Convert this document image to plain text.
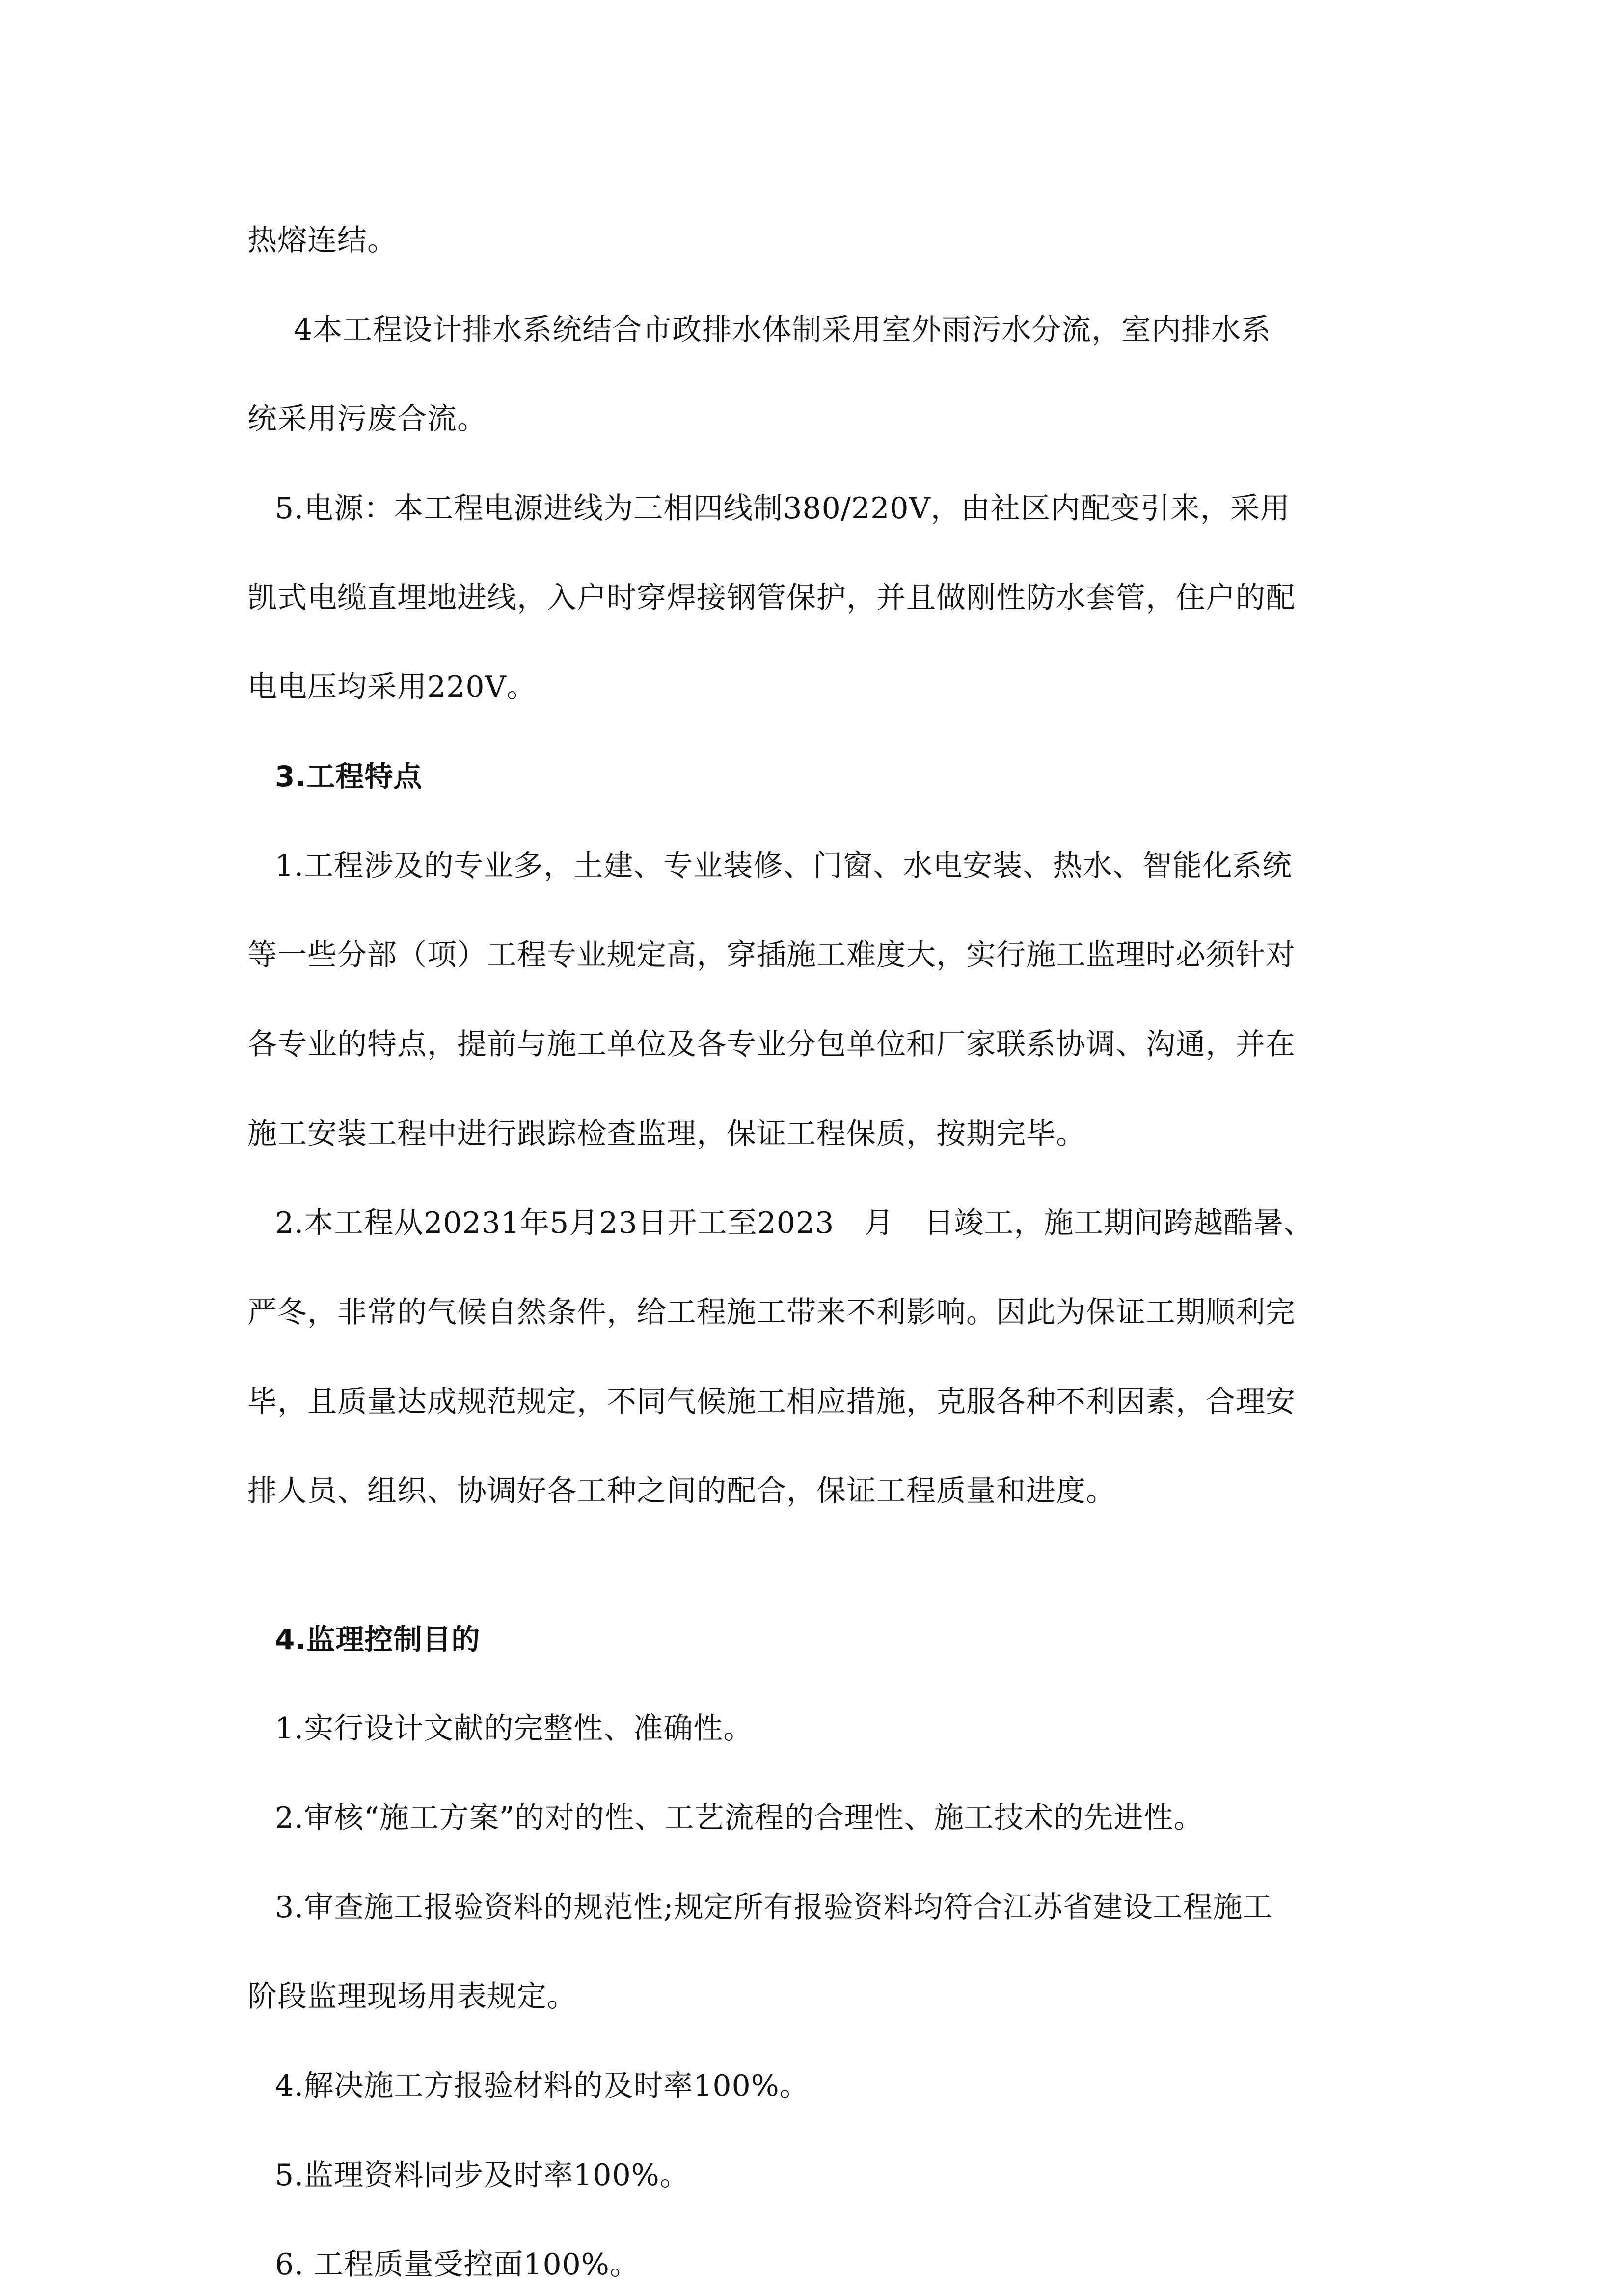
热熔连结。
4本工程设计排水系统结合市政排水体制采用室外雨污水分流，室内排水系
统采用污废合流。
5.电源：本工程电源进线为三相四线制380/220V，由社区内配变引来，采用
凯式电缆直埋地进线，入户时穿焊接钢管保护，并且做刚性防水套管，住户的配
电电压均采用220V。
3.工程特点
1.工程涉及的专业多，土建、专业装修、门窗、水电安装、热水、智能化系统
等一些分部（项）工程专业规定高，穿插施工难度大，实行施工监理时必须针对
各专业的特点，提前与施工单位及各专业分包单位和厂家联系协调、沟通，并在
施工安装工程中进行跟踪检查监理，保证工程保质，按期完毕。
2.本工程从20231年5月23日开工至2023　月　日竣工，施工期间跨越酷暑、
严冬，非常的气候自然条件，给工程施工带来不利影响。因此为保证工期顺利完
毕，且质量达成规范规定，不同气候施工相应措施，克服各种不利因素，合理安
排人员、组织、协调好各工种之间的配合，保证工程质量和进度。
4.监理控制目的
1.实行设计文献的完整性、准确性。
2.审核“施工方案”的对的性、工艺流程的合理性、施工技术的先进性。
3.审查施工报验资料的规范性;规定所有报验资料均符合江苏省建设工程施工
阶段监理现场用表规定。
4.解决施工方报验材料的及时率100%。
5.监理资料同步及时率100%。
6. 工程质量受控面100%。
